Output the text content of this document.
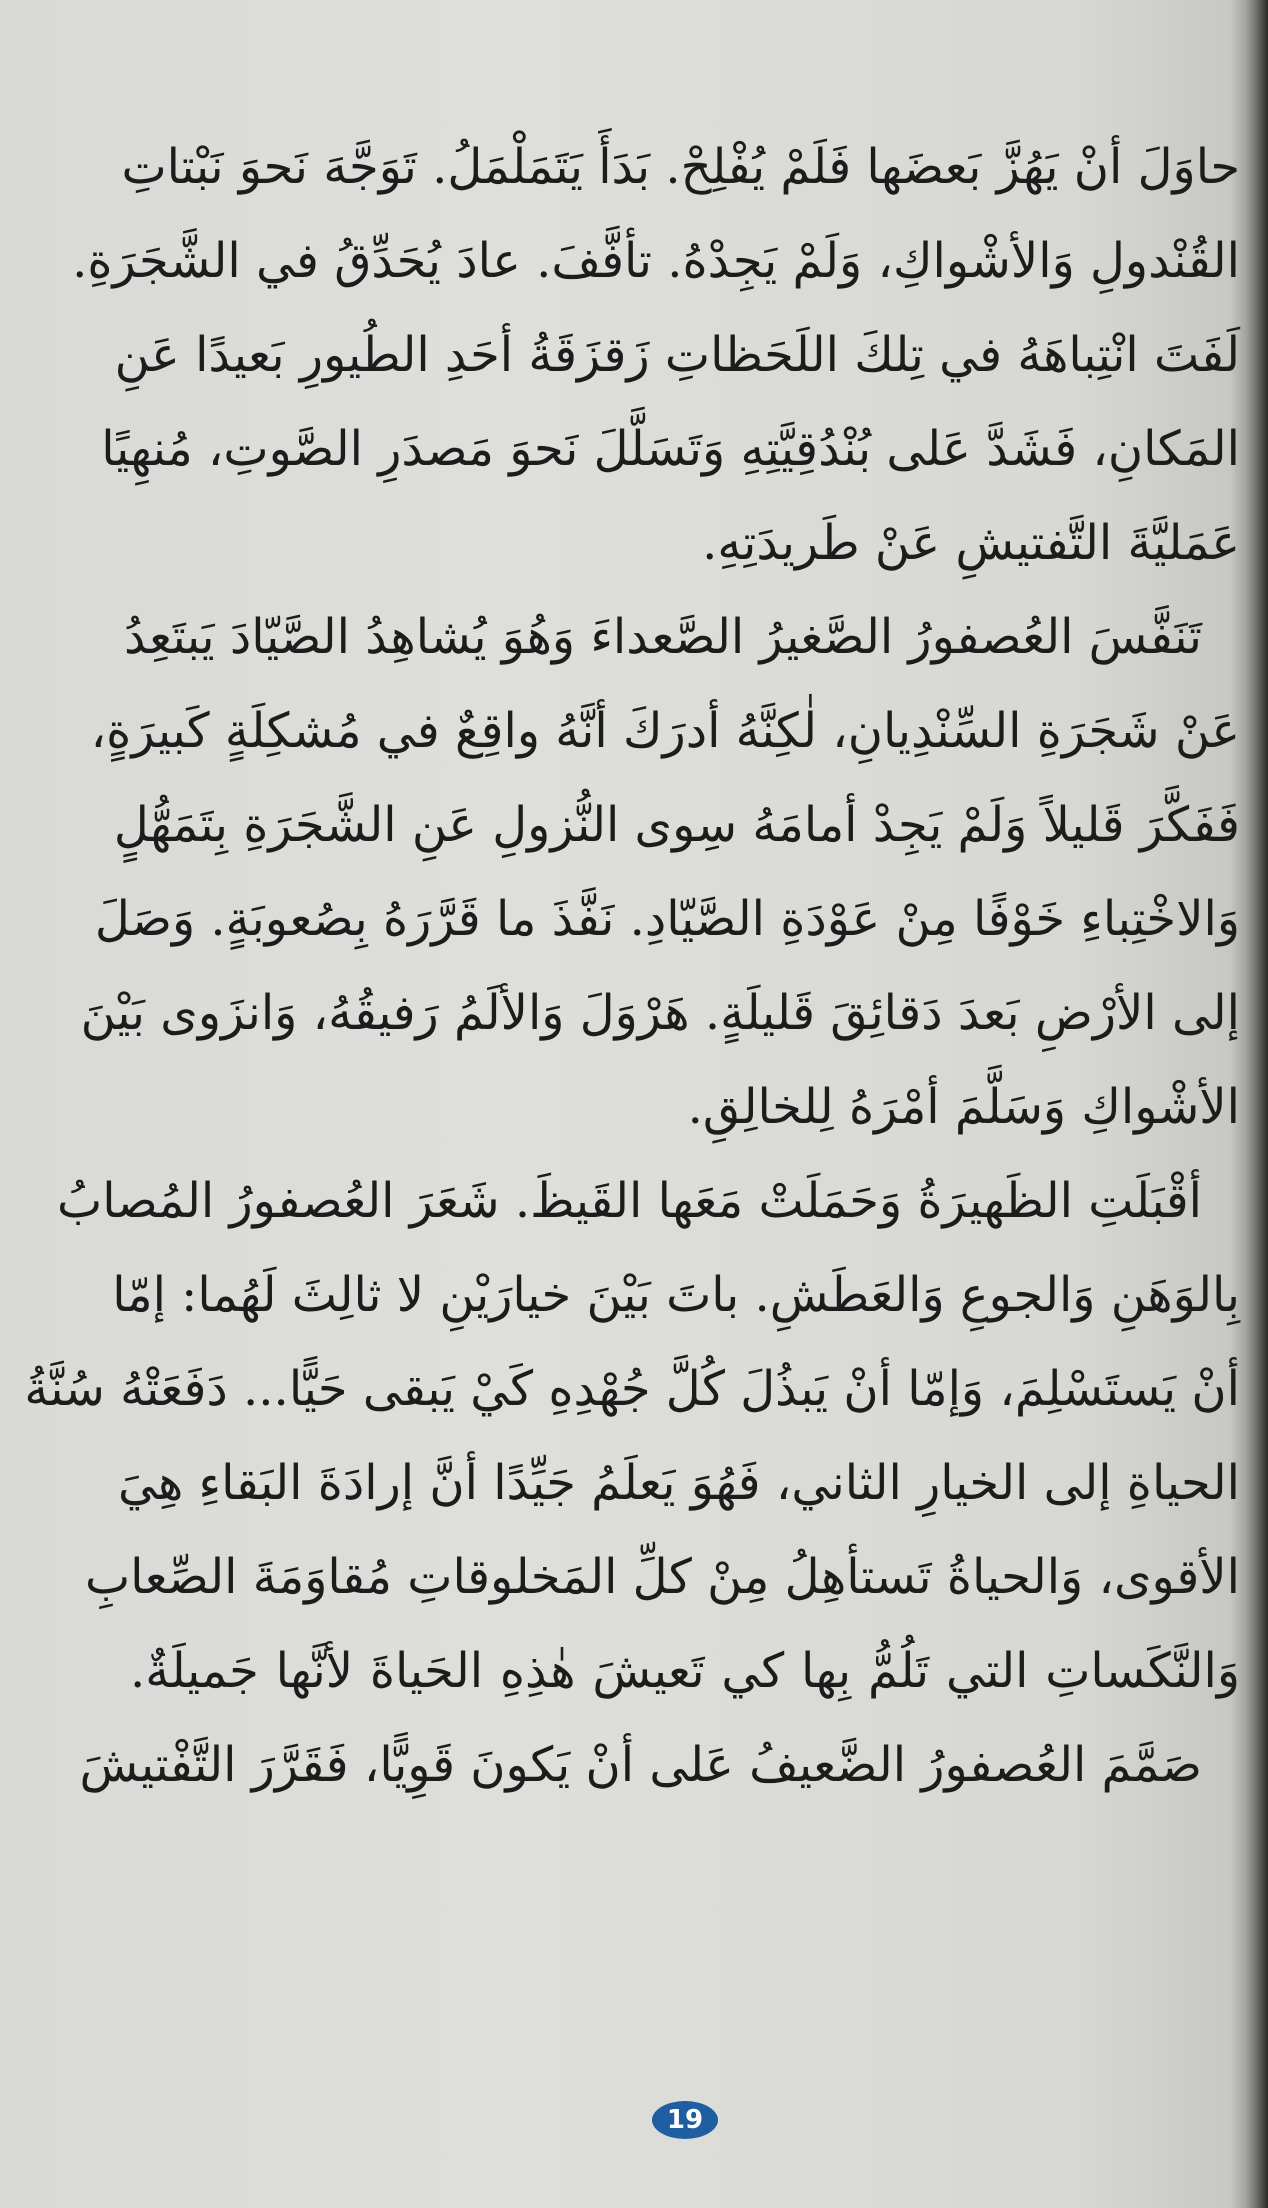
حاوَلَ أنْ يَهُزَّ بَعضَها فَلَمْ يُفْلِحْ. بَدَأَ يَتَمَلْمَلُ. تَوَجَّهَ نَحوَ نَبْتاتِ
القُنْدولِ وَالأشْواكِ، وَلَمْ يَجِدْهُ. تأفَّفَ. عادَ يُحَدِّقُ في الشَّجَرَةِ.
لَفَتَ انْتِباهَهُ في تِلكَ اللَحَظاتِ زَقزَقَةُ أحَدِ الطُيورِ بَعيدًا عَنِ
المَكانِ، فَشَدَّ عَلى بُنْدُقِيَّتِهِ وَتَسَلَّلَ نَحوَ مَصدَرِ الصَّوتِ، مُنهِيًا
عَمَليَّةَ التَّفتيشِ عَنْ طَريدَتِهِ.
تَنَفَّسَ العُصفورُ الصَّغيرُ الصَّعداءَ وَهُوَ يُشاهِدُ الصَّيّادَ يَبتَعِدُ
عَنْ شَجَرَةِ السِّنْدِيانِ، لٰكِنَّهُ أدرَكَ أنَّهُ واقِعٌ في مُشكِلَةٍ كَبيرَةٍ،
فَفَكَّرَ قَليلاً وَلَمْ يَجِدْ أمامَهُ سِوى النُّزولِ عَنِ الشَّجَرَةِ بِتَمَهُّلٍ
وَالاخْتِباءِ خَوْفًا مِنْ عَوْدَةِ الصَّيّادِ. نَفَّذَ ما قَرَّرَهُ بِصُعوبَةٍ. وَصَلَ
إلى الأرْضِ بَعدَ دَقائِقَ قَليلَةٍ. هَرْوَلَ وَالألَمُ رَفيقُهُ، وَانزَوى بَيْنَ
الأشْواكِ وَسَلَّمَ أمْرَهُ لِلخالِقِ.
أقْبَلَتِ الظَهيرَةُ وَحَمَلَتْ مَعَها القَيظَ. شَعَرَ العُصفورُ المُصابُ
بِالوَهَنِ وَالجوعِ وَالعَطَشِ. باتَ بَيْنَ خيارَيْنِ لا ثالِثَ لَهُما: إمّا
أنْ يَستَسْلِمَ، وَإمّا أنْ يَبذُلَ كُلَّ جُهْدِهِ كَيْ يَبقى حَيًّا... دَفَعَتْهُ سُنَّةُ
الحياةِ إلى الخيارِ الثاني، فَهُوَ يَعلَمُ جَيِّدًا أنَّ إرادَةَ البَقاءِ هِيَ
الأقوى، وَالحياةُ تَستأهِلُ مِنْ كلِّ المَخلوقاتِ مُقاوَمَةَ الصِّعابِ
وَالنَّكَساتِ التي تَلُمُّ بِها كي تَعيشَ هٰذِهِ الحَياةَ لأنَّها جَميلَةٌ.
صَمَّمَ العُصفورُ الضَّعيفُ عَلى أنْ يَكونَ قَوِيًّا، فَقَرَّرَ التَّفْتيشَ
19
